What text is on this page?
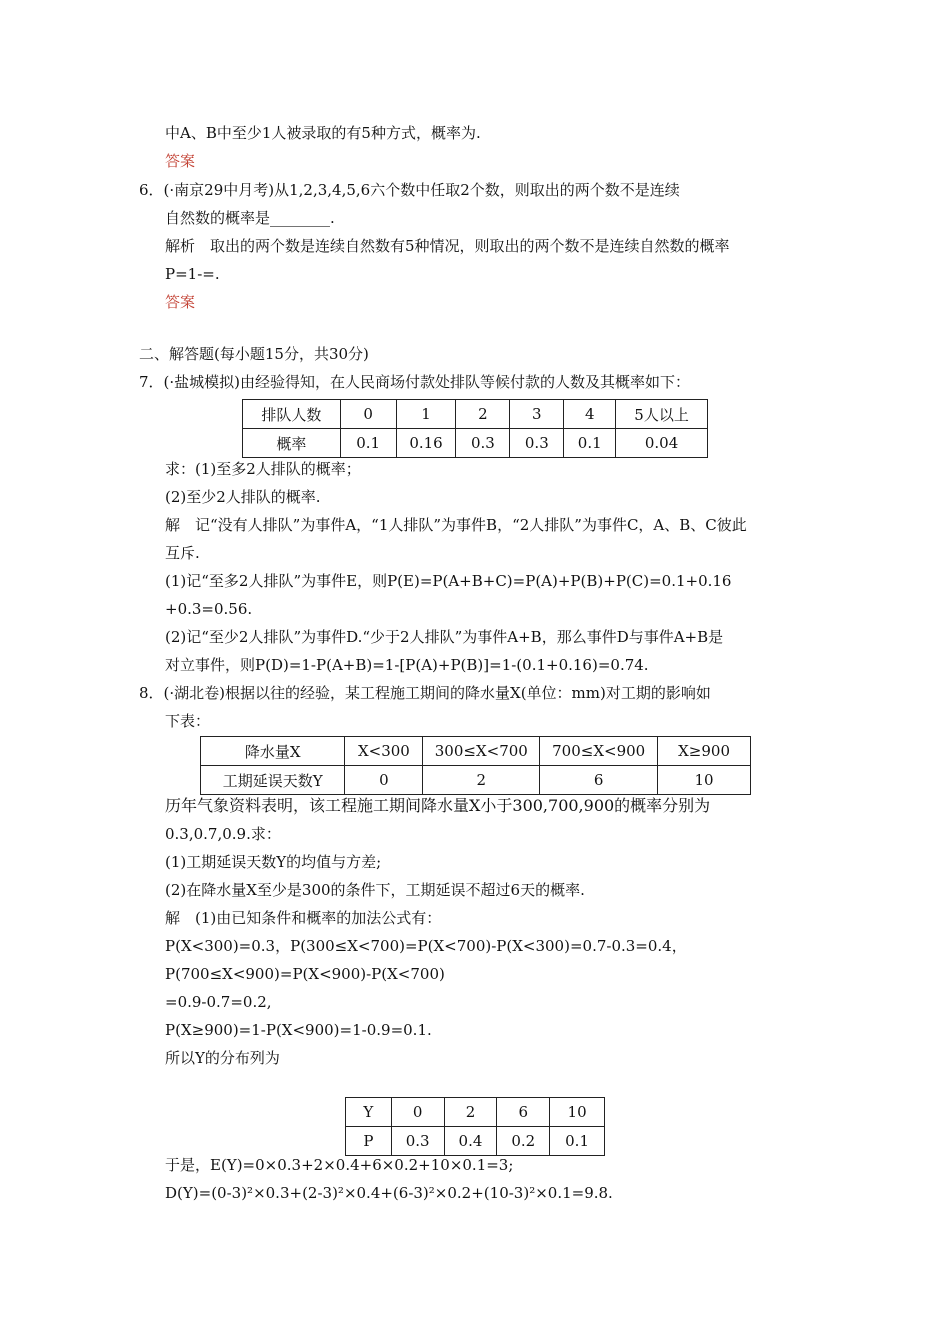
中A、B中至少1人被录取的有5种方式，概率为.
答案
6．(·南京29中月考)从1,2,3,4,5,6六个数中任取2个数，则取出的两个数不是连续
自然数的概率是________.
解析　取出的两个数是连续自然数有5种情况，则取出的两个数不是连续自然数的概率
P=1-=.
答案
二、解答题(每小题15分，共30分)
7．(·盐城模拟)由经验得知，在人民商场付款处排队等候付款的人数及其概率如下：
排队人数	0	1	2	3	4	5人以上
概率	0.1	0.16	0.3	0.3	0.1	0.04
求：(1)至多2人排队的概率；
(2)至少2人排队的概率.
解　记“没有人排队”为事件A，“1人排队”为事件B，“2人排队”为事件C，A、B、C彼此
互斥.
(1)记“至多2人排队”为事件E，则P(E)=P(A+B+C)=P(A)+P(B)+P(C)=0.1+0.16
+0.3=0.56.
(2)记“至少2人排队”为事件D.“少于2人排队”为事件A+B，那么事件D与事件A+B是
对立事件，则P(D)=1-P(A+B)=1-[P(A)+P(B)]=1-(0.1+0.16)=0.74.
8．(·湖北卷)根据以往的经验，某工程施工期间的降水量X(单位：mm)对工期的影响如
下表：
降水量X	X<300	300≤X<700	700≤X<900	X≥900
工期延误天数Y	0	2	6	10
历年气象资料表明，该工程施工期间降水量X小于300,700,900的概率分别为
0.3,0.7,0.9.求：
(1)工期延误天数Y的均值与方差;
(2)在降水量X至少是300的条件下，工期延误不超过6天的概率.
解　(1)由已知条件和概率的加法公式有：
P(X<300)=0.3，P(300≤X<700)=P(X<700)-P(X<300)=0.7-0.3=0.4，
P(700≤X<900)=P(X<900)-P(X<700)
=0.9-0.7=0.2,
P(X≥900)=1-P(X<900)=1-0.9=0.1.
所以Y的分布列为
Y	0	2	6	10
P	0.3	0.4	0.2	0.1
于是，E(Y)=0×0.3+2×0.4+6×0.2+10×0.1=3;
D(Y)=(0-3)²×0.3+(2-3)²×0.4+(6-3)²×0.2+(10-3)²×0.1=9.8.
